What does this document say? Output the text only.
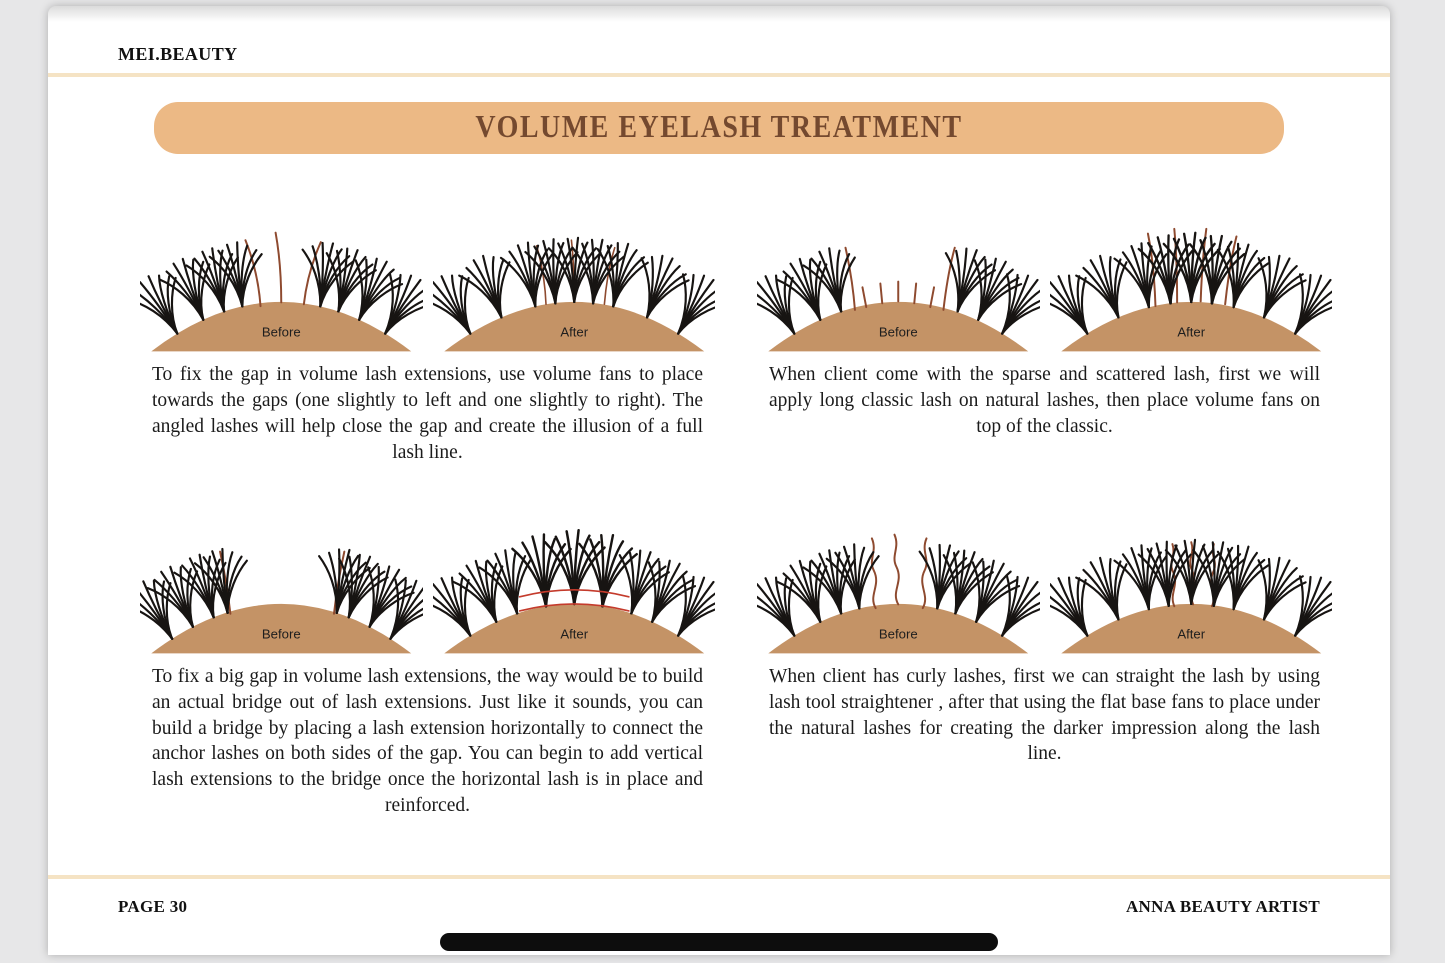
MEI.BEAUTY
VOLUME EYELASH TREATMENT
Before	After

To fix the gap in volume lash extensions, use volume fans to place towards the gaps (one slightly to left and one slightly to right). The angled lashes will help close the gap and create the illusion of a full lash line.

Before	After

When client come with the sparse and scattered lash, first we will apply long classic lash on natural lashes, then place volume fans on top of the classic.

Before	After

To fix a big gap in volume lash extensions, the way would be to build an actual bridge out of lash extensions. Just like it sounds, you can build a bridge by placing a lash extension horizontally to connect the anchor lashes on both sides of the gap. You can begin to add vertical lash extensions to the bridge once the horizontal lash is in place and reinforced.

Before	After

When client has curly lashes, first we can straight the lash by using lash tool straightener , after that using the flat base fans to place under the natural lashes for creating the darker impression along the lash line.

PAGE 30	ANNA BEAUTY ARTIST
